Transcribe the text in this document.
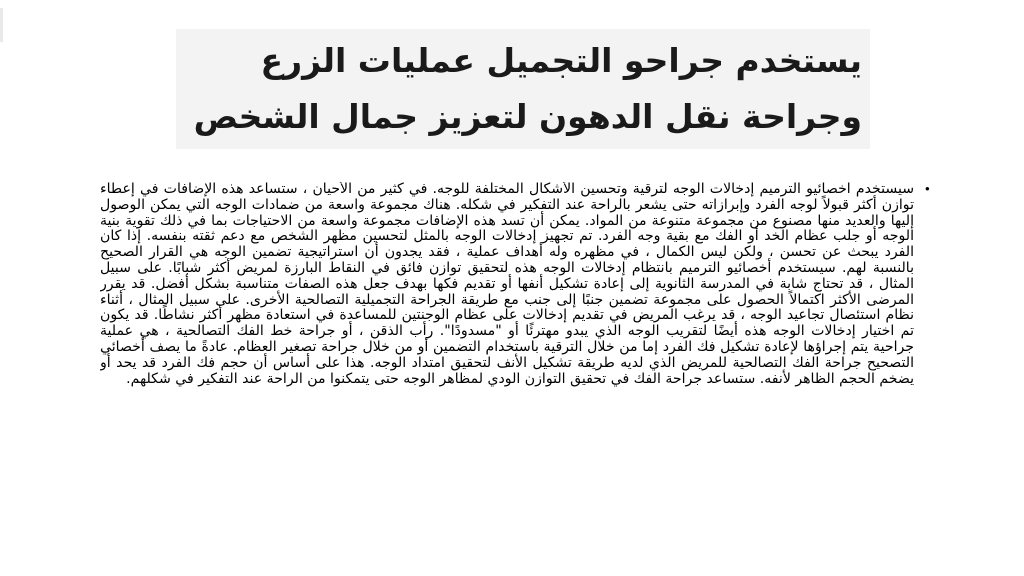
يستخدم جراحو التجميل عمليات الزرع وجراحة نقل الدهون لتعزيز جمال الشخص
•

سيستخدم أخصائيو الترميم إدخالات الوجه لترقية وتحسين الأشكال المختلفة للوجه. في كثير من الأحيان ، ستساعد هذه الإضافات في إعطاء توازن أكثر قبولاً لوجه الفرد وإبرازاته حتى يشعر بالراحة عند التفكير في شكله. هناك مجموعة واسعة من ضمادات الوجه التي يمكن الوصول إليها والعديد منها مصنوع من مجموعة متنوعة من المواد. يمكن أن تسد هذه الإضافات مجموعة واسعة من الاحتياجات بما في ذلك تقوية بنية الوجه أو جلب عظام الخد أو الفك مع بقية وجه الفرد. تم تجهيز إدخالات الوجه بالمثل لتحسين مظهر الشخص مع دعم ثقته بنفسه. إذا كان الفرد يبحث عن تحسن ، ولكن ليس الكمال ، في مظهره وله أهداف عملية ، فقد يجدون أن استراتيجية تضمين الوجه هي القرار الصحيح بالنسبة لهم. سيستخدم أخصائيو الترميم بانتظام إدخالات الوجه هذه لتحقيق توازن فائق في النقاط البارزة لمريض أكثر شبابًا. على سبيل المثال ، قد تحتاج شابة في المدرسة الثانوية إلى إعادة تشكيل أنفها أو تقديم فكها بهدف جعل هذه الصفات متناسبة بشكل أفضل. قد يقرر المرضى الأكثر اكتمالاً الحصول على مجموعة تضمين جنبًا إلى جنب مع طريقة الجراحة التجميلية التصالحية الأخرى. على سبيل المثال ، أثناء نظام استئصال تجاعيد الوجه ، قد يرغب المريض في تقديم إدخالات على عظام الوجنتين للمساعدة في استعادة مظهر أكثر نشاطًا. قد يكون تم اختيار إدخالات الوجه هذه أيضًا لتقريب الوجه الذي يبدو مهترئًا أو "مسدودًا". رأب الذقن ، أو جراحة خط الفك التصالحية ، هي عملية جراحية يتم إجراؤها لإعادة تشكيل فك الفرد إما من خلال الترقية باستخدام التضمين أو من خلال جراحة تصغير العظام. عادةً ما يصف أخصائي التصحيح جراحة الفك التصالحية للمريض الذي لديه طريقة تشكيل الأنف لتحقيق امتداد الوجه. هذا على أساس أن حجم فك الفرد قد يحد أو يضخم الحجم الظاهر لأنفه. ستساعد جراحة الفك في تحقيق التوازن الودي لمظاهر الوجه حتى يتمكنوا من الراحة عند التفكير في شكلهم.
